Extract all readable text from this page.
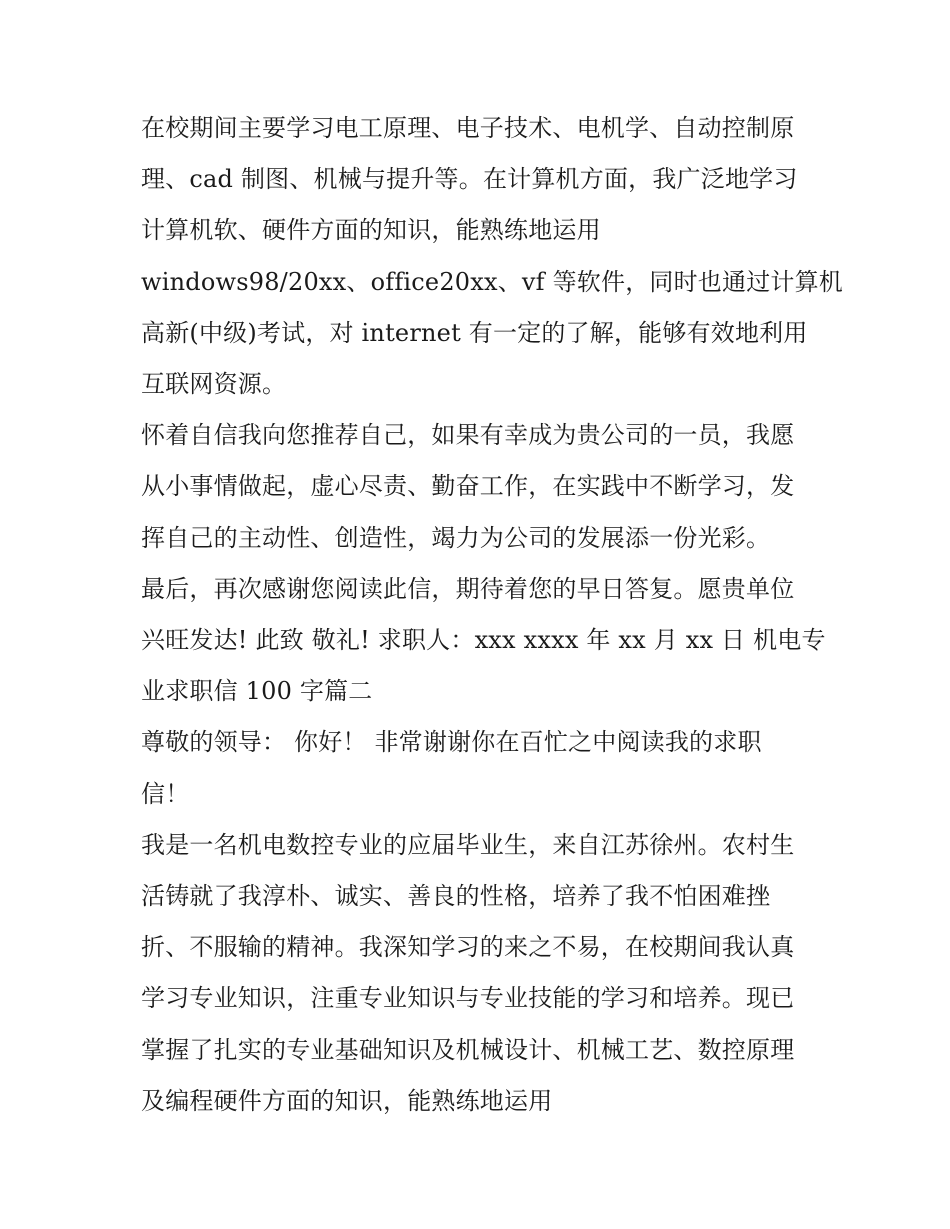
在校期间主要学习电工原理、电子技术、电机学、自动控制原
理、cad 制图、机械与提升等。在计算机方面，我广泛地学习
计算机软、硬件方面的知识，能熟练地运用
windows98/20xx、office20xx、vf 等软件，同时也通过计算机
高新(中级)考试，对 internet 有一定的了解，能够有效地利用
互联网资源。
怀着自信我向您推荐自己，如果有幸成为贵公司的一员，我愿
从小事情做起，虚心尽责、勤奋工作，在实践中不断学习，发
挥自己的主动性、创造性，竭力为公司的发展添一份光彩。
最后，再次感谢您阅读此信，期待着您的早日答复。愿贵单位
兴旺发达! 此致 敬礼! 求职人：xxx xxxx 年 xx 月 xx 日 机电专
业求职信 100 字篇二
尊敬的领导： 你好！ 非常谢谢你在百忙之中阅读我的求职
信！
我是一名机电数控专业的应届毕业生，来自江苏徐州。农村生
活铸就了我淳朴、诚实、善良的性格，培养了我不怕困难挫
折、不服输的精神。我深知学习的来之不易，在校期间我认真
学习专业知识，注重专业知识与专业技能的学习和培养。现已
掌握了扎实的专业基础知识及机械设计、机械工艺、数控原理
及编程硬件方面的知识，能熟练地运用
